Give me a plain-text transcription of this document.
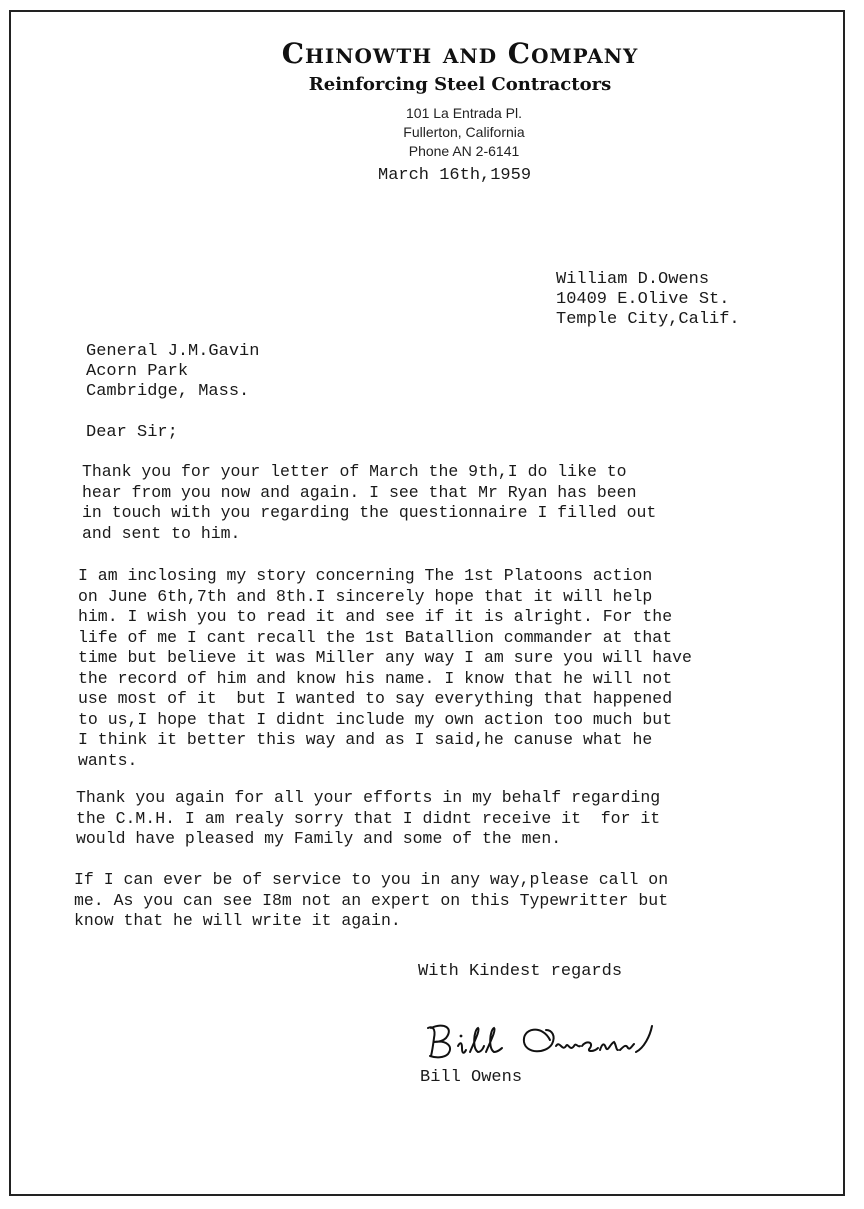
Chinowth and Company
Reinforcing Steel Contractors
101 La Entrada Pl.
Fullerton, California
Phone AN 2-6141
March 16th,1959
William D.Owens
10409 E.Olive St.
Temple City,Calif.
General J.M.Gavin
Acorn Park
Cambridge, Mass.
Dear Sir;
Thank you for your letter of March the 9th,I do like to
hear from you now and again. I see that Mr Ryan has been
in touch with you regarding the questionnaire I filled out
and sent to him.
I am inclosing my story concerning The 1st Platoons action
on June 6th,7th and 8th.I sincerely hope that it will help
him. I wish you to read it and see if it is alright. For the
life of me I cant recall the 1st Batallion commander at that
time but believe it was Miller any way I am sure you will have
the record of him and know his name. I know that he will not
use most of it  but I wanted to say everything that happened
to us,I hope that I didnt include my own action too much but
I think it better this way and as I said,he canuse what he
wants.
Thank you again for all your efforts in my behalf regarding
the C.M.H. I am realy sorry that I didnt receive it  for it
would have pleased my Family and some of the men.
If I can ever be of service to you in any way,please call on
me. As you can see I8m not an expert on this Typewritter but
know that he will write it again.
With Kindest regards
Bill Owens
